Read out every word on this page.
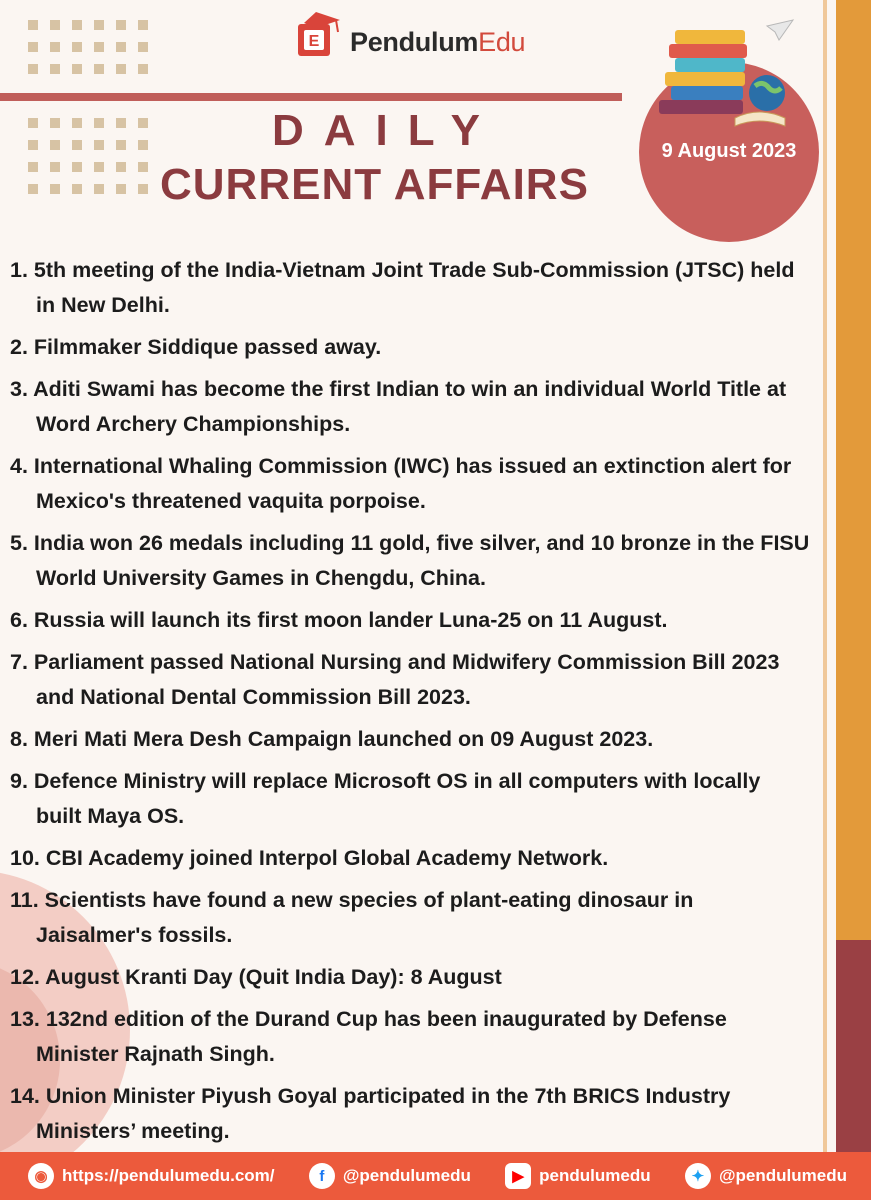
E PendulumEdu
DAILY
CURRENT AFFAIRS
9 August 2023
1. 5th meeting of the India-Vietnam Joint Trade Sub-Commission (JTSC) held in New Delhi.
2. Filmmaker Siddique passed away.
3. Aditi Swami has become the first Indian to win an individual World Title at Word Archery Championships.
4. International Whaling Commission (IWC) has issued an extinction alert for Mexico's threatened vaquita porpoise.
5. India won 26 medals including 11 gold, five silver, and 10 bronze in the FISU World University Games in Chengdu, China.
6. Russia will launch its first moon lander Luna-25 on 11 August.
7. Parliament passed National Nursing and Midwifery Commission Bill 2023 and National Dental Commission Bill 2023.
8. Meri Mati Mera Desh Campaign launched on 09 August 2023.
9. Defence Ministry will replace Microsoft OS in all computers with locally built Maya OS.
10. CBI Academy joined Interpol Global Academy Network.
11. Scientists have found a new species of plant-eating dinosaur in Jaisalmer's fossils.
12. August Kranti Day (Quit India Day): 8 August
13. 132nd edition of the Durand Cup has been inaugurated by Defense Minister Rajnath Singh.
14. Union Minister Piyush Goyal participated in the 7th BRICS Industry Ministers’ meeting.
◉ https://pendulumedu.com/	f	@pendulumedu	▶ pendulumedu	✦ @pendulumedu
